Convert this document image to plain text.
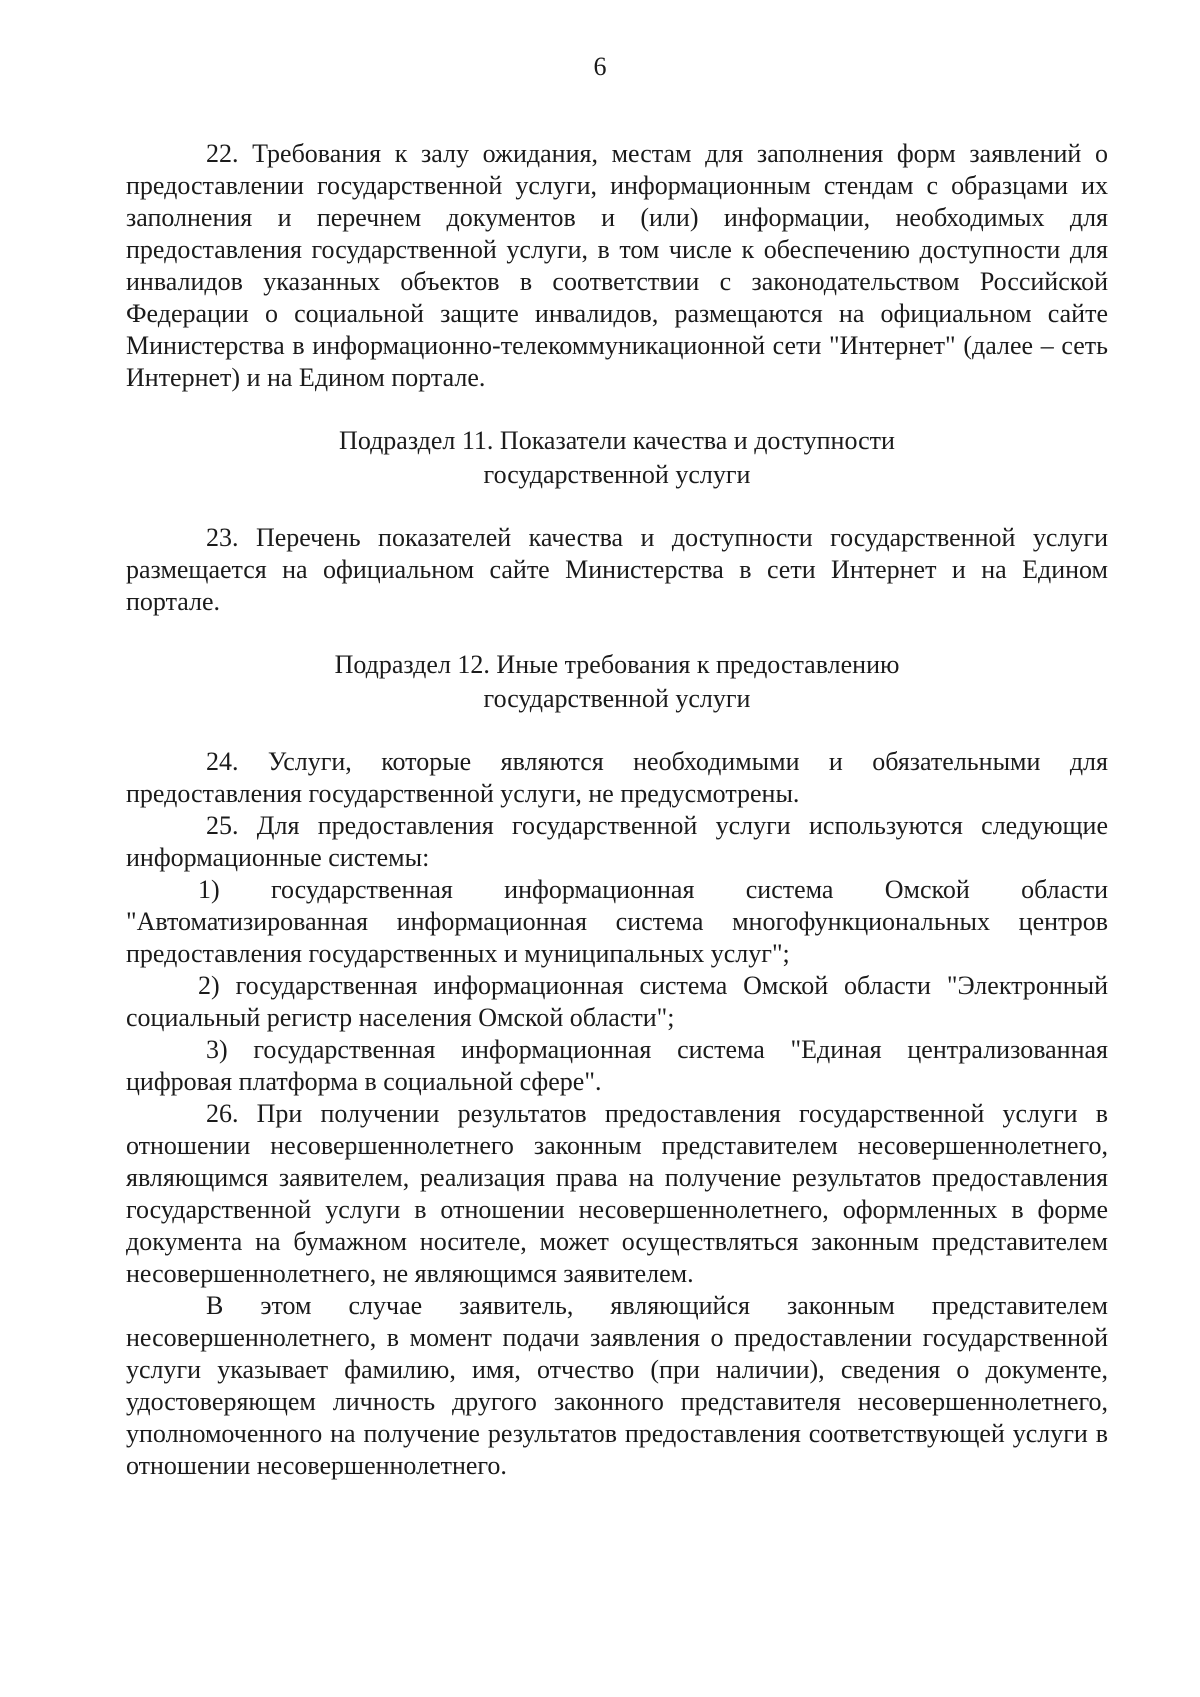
6

22. Требования к залу ожидания, местам для заполнения форм заявлений о предоставлении государственной услуги, информационным стендам с образцами их заполнения и перечнем документов и (или) информации, необходимых для предоставления государственной услуги, в том числе к обеспечению доступности для инвалидов указанных объектов в соответствии с законодательством Российской Федерации о социальной защите инвалидов, размещаются на официальном сайте Министерства в информационно-телекоммуникационной сети "Интернет" (далее – сеть Интернет) и на Едином портале.

Подраздел 11. Показатели качества и доступности
государственной услуги

23. Перечень показателей качества и доступности государственной услуги размещается на официальном сайте Министерства в сети Интернет и на Едином портале.

Подраздел 12. Иные требования к предоставлению
государственной услуги

24. Услуги, которые являются необходимыми и обязательными для предоставления государственной услуги, не предусмотрены.

25. Для предоставления государственной услуги используются следующие информационные системы:

1) государственная информационная система Омской области "Автоматизированная информационная система многофункциональных центров предоставления государственных и муниципальных услуг";

2) государственная информационная система Омской области "Электронный социальный регистр населения Омской области";

3) государственная информационная система "Единая централизованная цифровая платформа в социальной сфере".

26. При получении результатов предоставления государственной услуги в отношении несовершеннолетнего законным представителем несовершеннолетнего, являющимся заявителем, реализация права на получение результатов предоставления государственной услуги в отношении несовершеннолетнего, оформленных в форме документа на бумажном носителе, может осуществляться законным представителем несовершеннолетнего, не являющимся заявителем.

В этом случае заявитель, являющийся законным представителем несовершеннолетнего, в момент подачи заявления о предоставлении государственной услуги указывает фамилию, имя, отчество (при наличии), сведения о документе, удостоверяющем личность другого законного представителя несовершеннолетнего, уполномоченного на получение результатов предоставления соответствующей услуги в отношении несовершеннолетнего.
